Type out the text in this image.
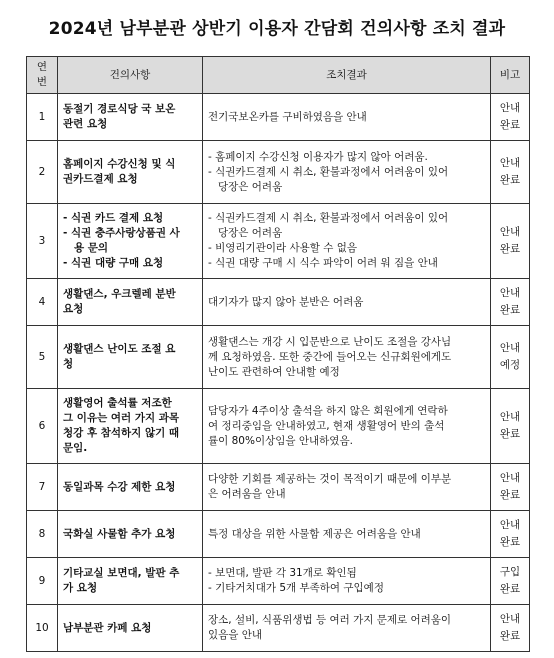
2024년 남부분관 상반기 이용자 간담회 건의사항 조치 결과
연번	건의사항	조치결과	비고
1	동절기 경로식당 국 보온
관련 요청	전기국보온카를 구비하였음을 안내	안내
완료

2	홈페이지 수강신청 및 식
권카드결제 요청	- 홈페이지 수강신청 이용자가 많지 않아 어려움.
- 식권카드결제 시 취소, 환불과정에서 어려움이 있어
당장은 어려움	안내
완료

3	- 식권 카드 결제 요청
- 식권 충주사랑상품권 사
용 문의
- 식권 대량 구매 요청	- 식권카드결제 시 취소, 환불과정에서 어려움이 있어
당장은 어려움
- 비영리기관이라 사용할 수 없음
- 식권 대량 구매 시 식수 파악이 어려 워 짐을 안내	안내
완료

4	생활댄스, 우크렐레 분반
요청	대기자가 많지 않아 분반은 어려움	안내
완료

5	생활댄스 난이도 조절 요
청	생활댄스는 개강 시 입문반으로 난이도 조절을 강사님
께 요청하였음. 또한 중간에 들어오는 신규회원에게도
난이도 관련하여 안내할 예정	안내
예정

6	생활영어 출석률 저조한
그 이유는 여러 가지 과목
청강 후 참석하지 않기 때
문임.	담당자가 4주이상 출석을 하지 않은 회원에게 연락하
여 정리중임을 안내하였고, 현재 생활영어 반의 출석
률이 80%이상임을 안내하였음.	안내
완료

7	동일과목 수강 제한 요청	다양한 기회를 제공하는 것이 목적이기 때문에 이부분
은 어려움을 안내	안내
완료

8	국화실 사물함 추가 요청	특정 대상을 위한 사물함 제공은 어려움을 안내	안내
완료

9	기타교실 보면대, 발판 추
가 요청	- 보면대, 발판 각 31개로 확인됨
- 기타거치대가 5개 부족하여 구입예정	구입
완료

10	남부분관 카페 요청	장소, 설비, 식품위생법 등 여러 가지 문제로 어려움이
있음을 안내	안내
완료
